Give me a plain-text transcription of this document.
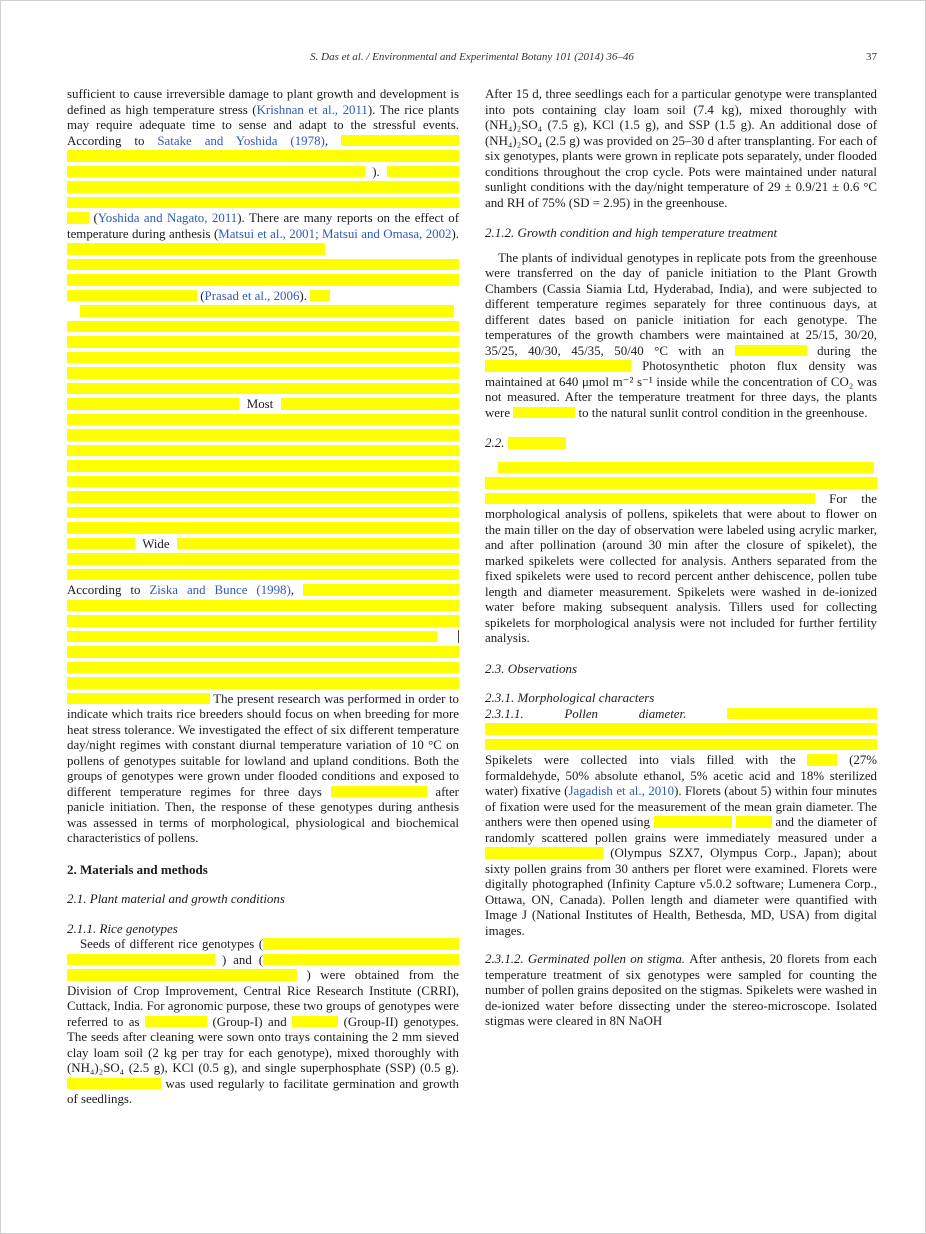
S. Das et al. / Environmental and Experimental Botany 101 (2014) 36–46	37

sufficient to cause irreversible damage to plant growth and development is defined as high temperature stress (Krishnan et al., 2011). The rice plants may require adequate time to sense and adapt to the stressful events. According to Satake and Yoshida (1978),    ).     (Yoshida and Nagato, 2011). There are many reports on the effect of temperature during anthesis (Matsui et al., 2001; Matsui and Omasa, 2002).     (Prasad et al., 2006).

Most           Wide    According to Ziska and Bunce (1998),          The present research was performed in order to indicate which traits rice breeders should focus on when breeding for more heat stress tolerance. We investigated the effect of six different temperature day/night regimes with constant diurnal temperature variation of 10 °C on pollens of genotypes suitable for lowland and upland conditions. Both the groups of genotypes were grown under flooded conditions and exposed to different temperature regimes for three days	after panicle initiation. Then, the response of these genotypes during anthesis was assessed in terms of morphological, physiological and biochemical characteristics of pollens.

2. Materials and methods
2.1. Plant material and growth conditions
2.1.1. Rice genotypes

Seeds of different rice genotypes (  ) and (  ) were obtained from the Division of Crop Improvement, Central Rice Research Institute (CRRI), Cuttack, India. For agronomic purpose, these two groups of genotypes were referred to as	(Group-I) and	(Group-II) genotypes. The seeds after cleaning were sown onto trays containing the 2 mm sieved clay loam soil (2 kg per tray for each genotype), mixed thoroughly with (NH₄)₂SO₄ (2.5 g), KCl (0.5 g), and single superphosphate (SSP) (0.5 g).  was used regularly to facilitate germination and growth of seedlings.

After 15 d, three seedlings each for a particular genotype were transplanted into pots containing clay loam soil (7.4 kg), mixed thoroughly with (NH₄)₂SO₄ (7.5 g), KCl (1.5 g), and SSP (1.5 g). An additional dose of (NH₄)₂SO₄ (2.5 g) was provided on 25–30 d after transplanting. For each of six genotypes, plants were grown in replicate pots separately, under flooded conditions throughout the crop cycle. Pots were maintained under natural sunlight conditions with the day/night temperature of 29 ± 0.9/21 ± 0.6 °C and RH of 75% (SD = 2.95) in the greenhouse.

2.1.2. Growth condition and high temperature treatment

The plants of individual genotypes in replicate pots from the greenhouse were transferred on the day of panicle initiation to the Plant Growth Chambers (Cassia Siamia Ltd, Hyderabad, India), and were subjected to different temperature regimes separately for three continuous days, at different dates based on panicle initiation for each genotype. The temperatures of the growth chambers were maintained at 25/15, 30/20, 35/25, 40/30, 45/35, 50/40 °C with an	during the  Photosynthetic photon flux density was maintained at 640 μmol m⁻² s⁻¹ inside while the concentration of CO₂ was not measured. After the temperature treatment for three days, the plants were	to the natural sunlit control condition in the greenhouse.

2.2.

For the morphological analysis of pollens, spikelets that were about to flower on the main tiller on the day of observation were labeled using acrylic marker, and after pollination (around 30 min after the closure of spikelet), the marked spikelets were collected for analysis. Anthers separated from the fixed spikelets were used to record percent anther dehiscence, pollen tube length and diameter measurement. Spikelets were washed in de-ionized water before making subsequent analysis. Tillers used for collecting spikelets for morphological analysis were not included for further fertility analysis.

2.3. Observations
2.3.1. Morphological characters

2.3.1.1. Pollen diameter.    Spikelets were collected into vials filled with the	(27% formaldehyde, 50% absolute ethanol, 5% acetic acid and 18% sterilized water) fixative (Jagadish et al., 2010). Florets (about 5) within four minutes of fixation were used for the measurement of the mean grain diameter. The anthers were then opened using	and the diameter of randomly scattered pollen grains were immediately measured under a  (Olympus SZX7, Olympus Corp., Japan); about sixty pollen grains from 30 anthers per floret were examined. Florets were digitally photographed (Infinity Capture v5.0.2 software; Lumenera Corp., Ottawa, ON, Canada). Pollen length and diameter were quantified with Image J (National Institutes of Health, Bethesda, MD, USA) from digital images.

2.3.1.2. Germinated pollen on stigma. After anthesis, 20 florets from each temperature treatment of six genotypes were sampled for counting the number of pollen grains deposited on the stigmas. Spikelets were washed in de-ionized water before dissecting under the stereo-microscope. Isolated stigmas were cleared in 8N NaOH
